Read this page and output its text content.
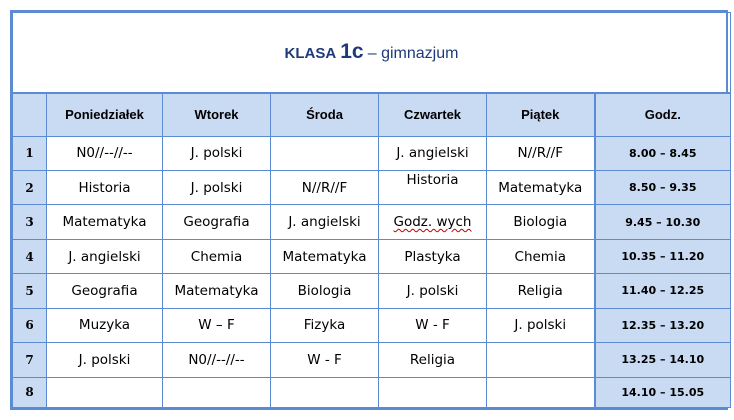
KLASA 1c – gimnazjum						
	Poniedziałek	Wtorek	Środa	Czwartek	Piątek	Godz.
1	N0//--//--	J. polski		J. angielski	N//R//F	8.00 – 8.45
2	Historia	J. polski	N//R//F	Historia	Matematyka	8.50 – 9.35
3	Matematyka	Geografia	J. angielski	Godz. wych	Biologia	9.45 – 10.30
4	J. angielski	Chemia	Matematyka	Plastyka	Chemia	10.35 – 11.20
5	Geografia	Matematyka	Biologia	J. polski	Religia	11.40 – 12.25
6	Muzyka	W – F	Fizyka	W - F	J. polski	12.35 – 13.20
7	J. polski	N0//--//--	W - F	Religia		13.25 – 14.10
8						14.10 – 15.05
